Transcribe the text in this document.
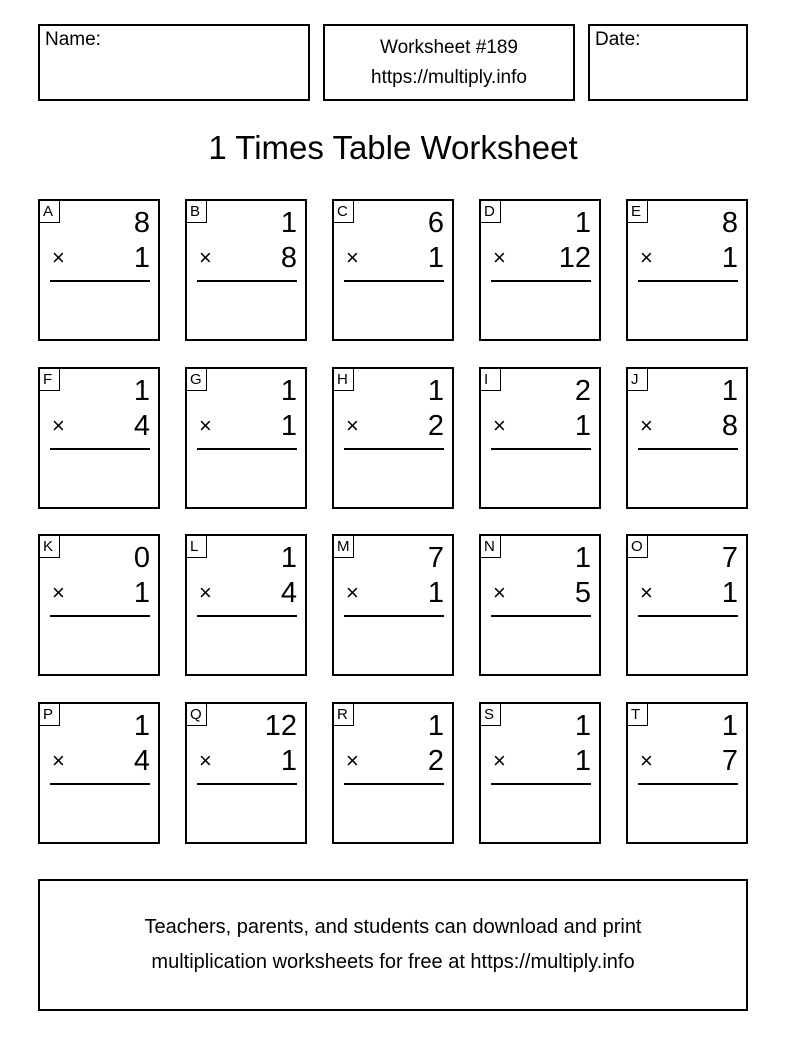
Name:	Worksheet #189
https://multiply.info
Date:
1 Times Table Worksheet
A	8
× 1
B	1
× 8
C	6
× 1
D	1
× 12
E	8
× 1
F	1
× 4
G	1
× 1
H	1
× 2
I	2
× 1
J	1
× 8
K	0
× 1
L	1
× 4
M	7
× 1
N	1
× 5
O	7
× 1
P	1
× 4
Q 12
× 1
R	1
× 2
S	1
× 1
T	1
× 7
Teachers, parents, and students can download and print
multiplication worksheets for free at https://multiply.info
